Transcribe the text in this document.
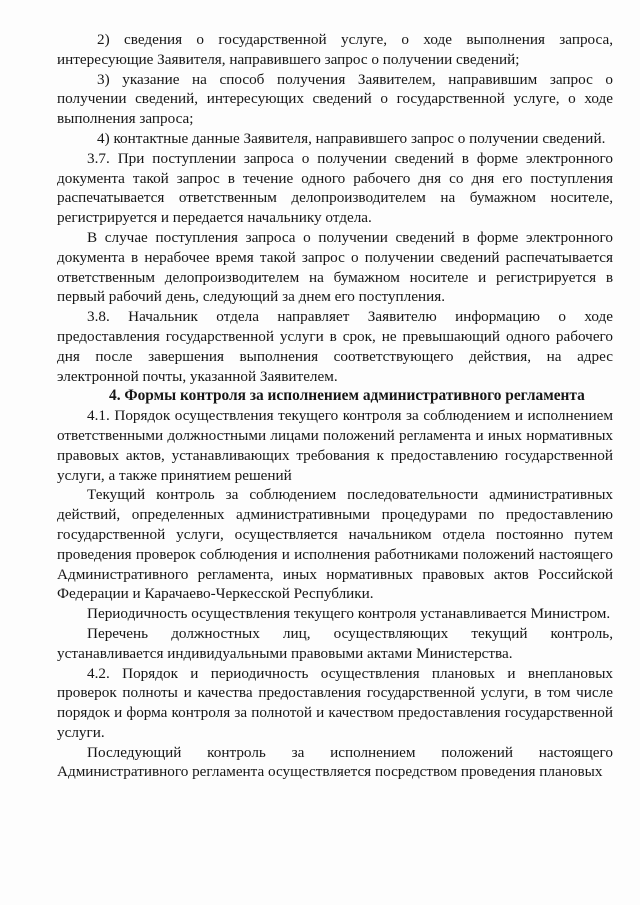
2) сведения о государственной услуге, о ходе выполнения запроса, интересующие Заявителя, направившего запрос о получении сведений;

3) указание на способ получения Заявителем, направившим запрос о получении сведений, интересующих сведений о государственной услуге, о ходе выполнения запроса;

4) контактные данные Заявителя, направившего запрос о получении сведений.

3.7. При поступлении запроса о получении сведений в форме электронного документа такой запрос в течение одного рабочего дня со дня его поступления распечатывается ответственным делопроизводителем на бумажном носителе, регистрируется и передается начальнику отдела.

В случае поступления запроса о получении сведений в форме электронного документа в нерабочее время такой запрос о получении сведений распечатывается ответственным делопроизводителем на бумажном носителе и регистрируется в первый рабочий день, следующий за днем его поступления.

3.8. Начальник отдела направляет Заявителю информацию о ходе предоставления государственной услуги в срок, не превышающий одного рабочего дня после завершения выполнения соответствующего действия, на адрес электронной почты, указанной Заявителем.

4. Формы контроля за исполнением административного регламента

4.1. Порядок осуществления текущего контроля за соблюдением и исполнением ответственными должностными лицами положений регламента и иных нормативных правовых актов, устанавливающих требования к предоставлению государственной услуги, а также принятием решений

Текущий контроль за соблюдением последовательности административных действий, определенных административными процедурами по предоставлению государственной услуги, осуществляется начальником отдела постоянно путем проведения проверок соблюдения и исполнения работниками положений настоящего Административного регламента, иных нормативных правовых актов Российской Федерации и Карачаево-Черкесской Республики.

Периодичность осуществления текущего контроля устанавливается Министром.

Перечень должностных лиц, осуществляющих текущий контроль, устанавливается индивидуальными правовыми актами Министерства.

4.2. Порядок и периодичность осуществления плановых и внеплановых проверок полноты и качества предоставления государственной услуги, в том числе порядок и форма контроля за полнотой и качеством предоставления государственной услуги.

Последующий контроль за исполнением положений настоящего Административного регламента осуществляется посредством проведения плановых
